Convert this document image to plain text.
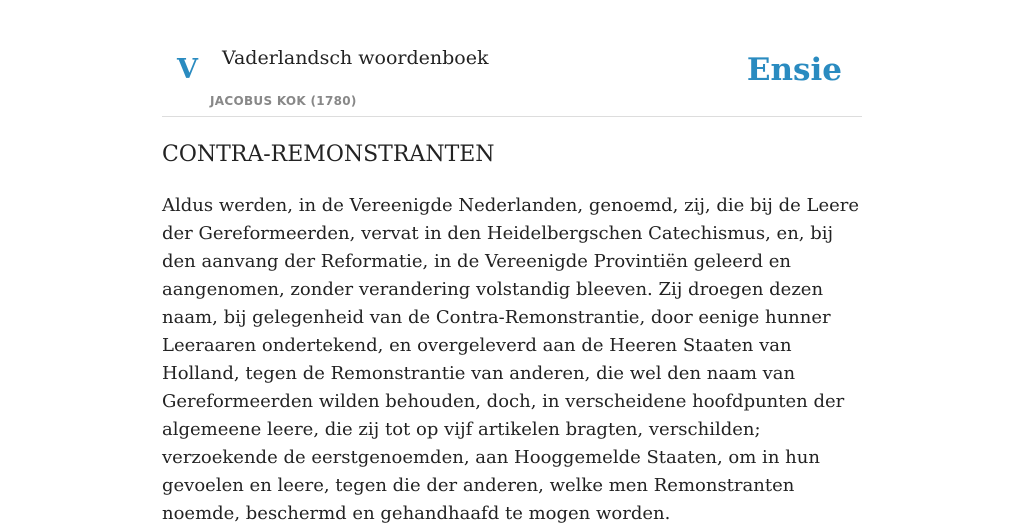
V Vaderlandsch woordenboek
JACOBUS KOK (1780)
Ensie
CONTRA-REMONSTRANTEN

Aldus werden, in de Vereenigde Nederlanden, genoemd, zij, die bij de Leere der Gereformeerden, vervat in den Heidelbergschen Catechismus, en, bij den aanvang der Reformatie, in de Vereenigde Provintiën geleerd en aangenomen, zonder verandering volstandig bleeven. Zij droegen dezen naam, bij gelegenheid van de Contra-Remonstrantie, door eenige hunner Leeraaren ondertekend, en overgeleverd aan de Heeren Staaten van Holland, tegen de Remonstrantie van anderen, die wel den naam van Gereformeerden wilden behouden, doch, in verscheidene hoofdpunten der algemeene leere, die zij tot op vijf artikelen bragten, verschilden; verzoekende de eerstgenoemden, aan Hooggemelde Staaten, om in hun gevoelen en leere, tegen die der anderen, welke men Remonstranten noemde, beschermd en gehandhaafd te mogen worden.
